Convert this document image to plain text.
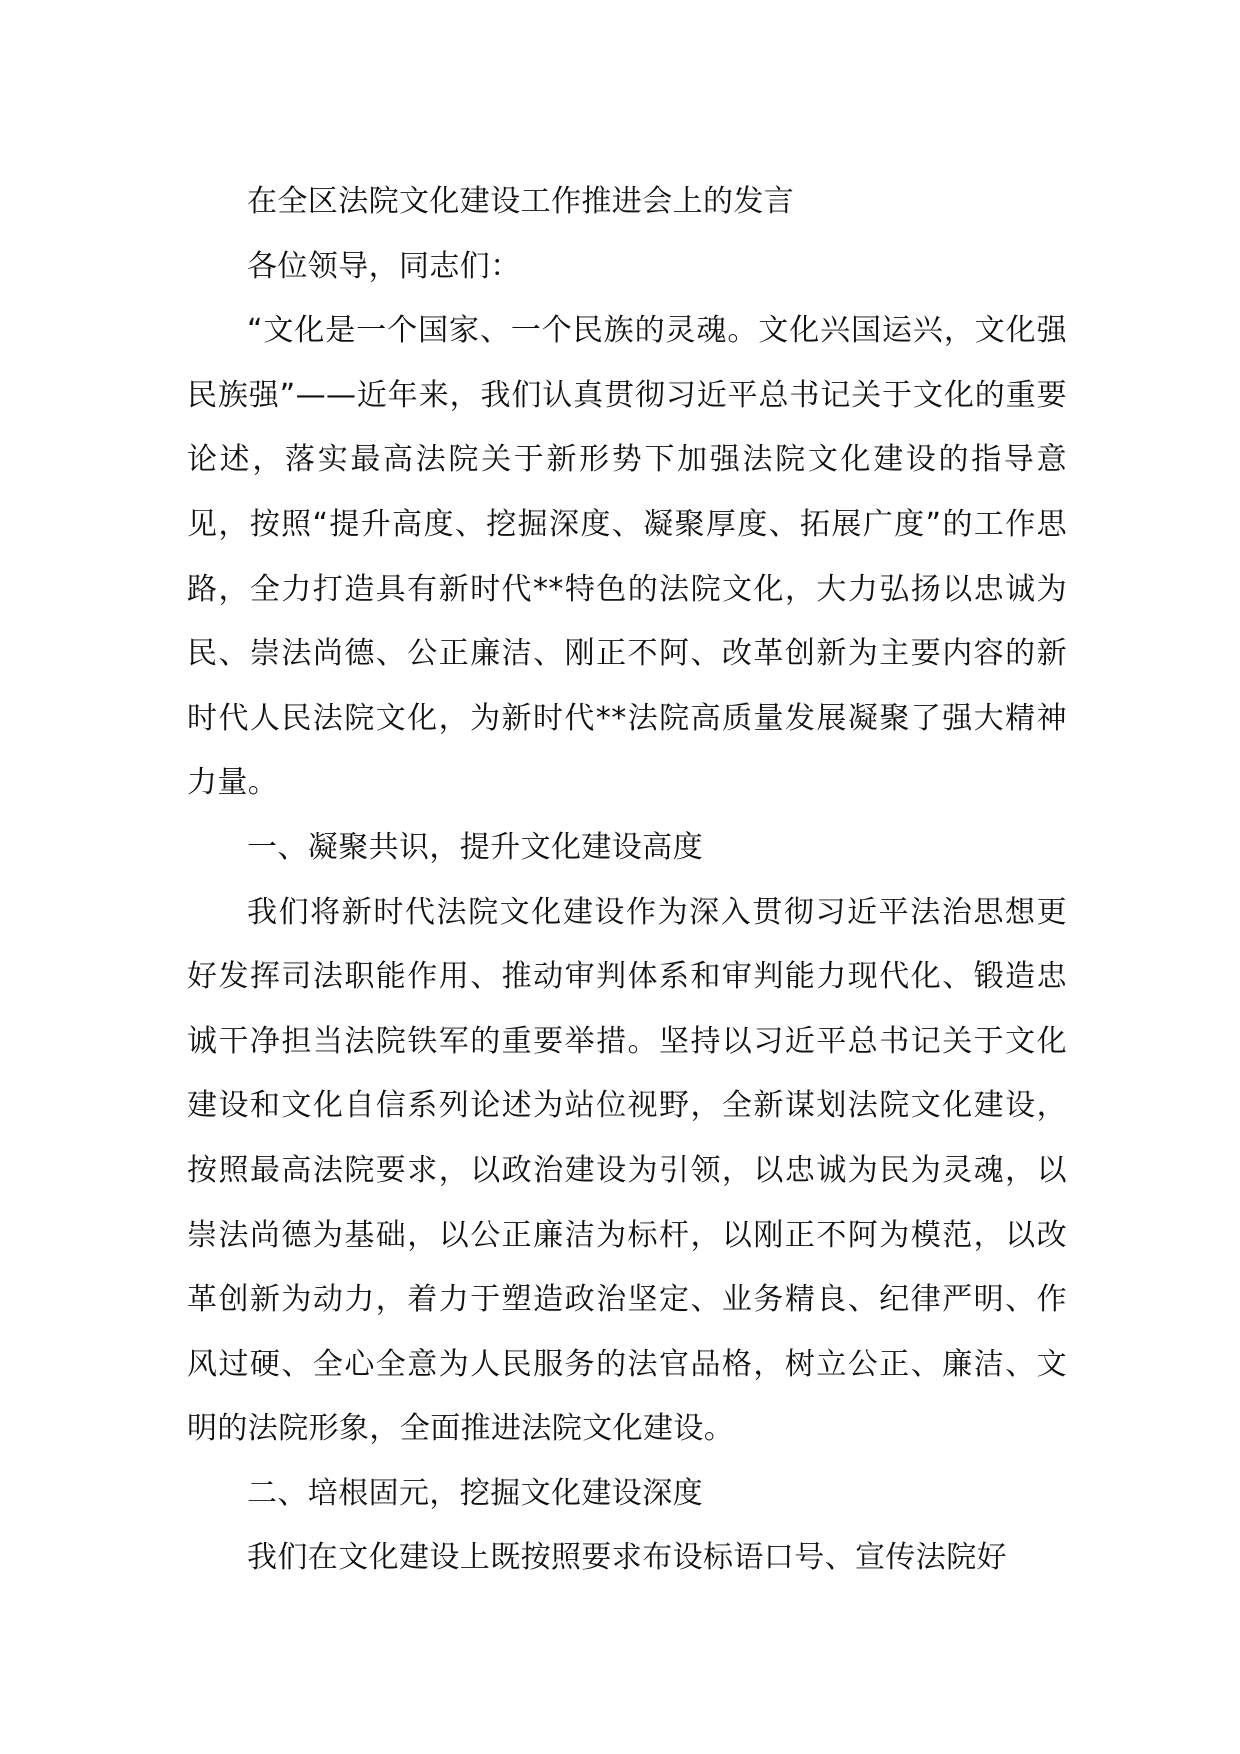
在全区法院文化建设工作推进会上的发言

各位领导，同志们：

“文化是一个国家、一个民族的灵魂。文化兴国运兴，文化强民族强”——近年来，我们认真贯彻习近平总书记关于文化的重要论述，落实最高法院关于新形势下加强法院文化建设的指导意见，按照“提升高度、挖掘深度、凝聚厚度、拓展广度”的工作思路，全力打造具有新时代**特色的法院文化，大力弘扬以忠诚为民、崇法尚德、公正廉洁、刚正不阿、改革创新为主要内容的新时代人民法院文化，为新时代**法院高质量发展凝聚了强大精神力量。

一、凝聚共识，提升文化建设高度

我们将新时代法院文化建设作为深入贯彻习近平法治思想更好发挥司法职能作用、推动审判体系和审判能力现代化、锻造忠诚干净担当法院铁军的重要举措。坚持以习近平总书记关于文化建设和文化自信系列论述为站位视野，全新谋划法院文化建设，按照最高法院要求，以政治建设为引领，以忠诚为民为灵魂，以崇法尚德为基础，以公正廉洁为标杆，以刚正不阿为模范，以改革创新为动力，着力于塑造政治坚定、业务精良、纪律严明、作风过硬、全心全意为人民服务的法官品格，树立公正、廉洁、文明的法院形象，全面推进法院文化建设。

二、培根固元，挖掘文化建设深度

我们在文化建设上既按照要求布设标语口号、宣传法院好
